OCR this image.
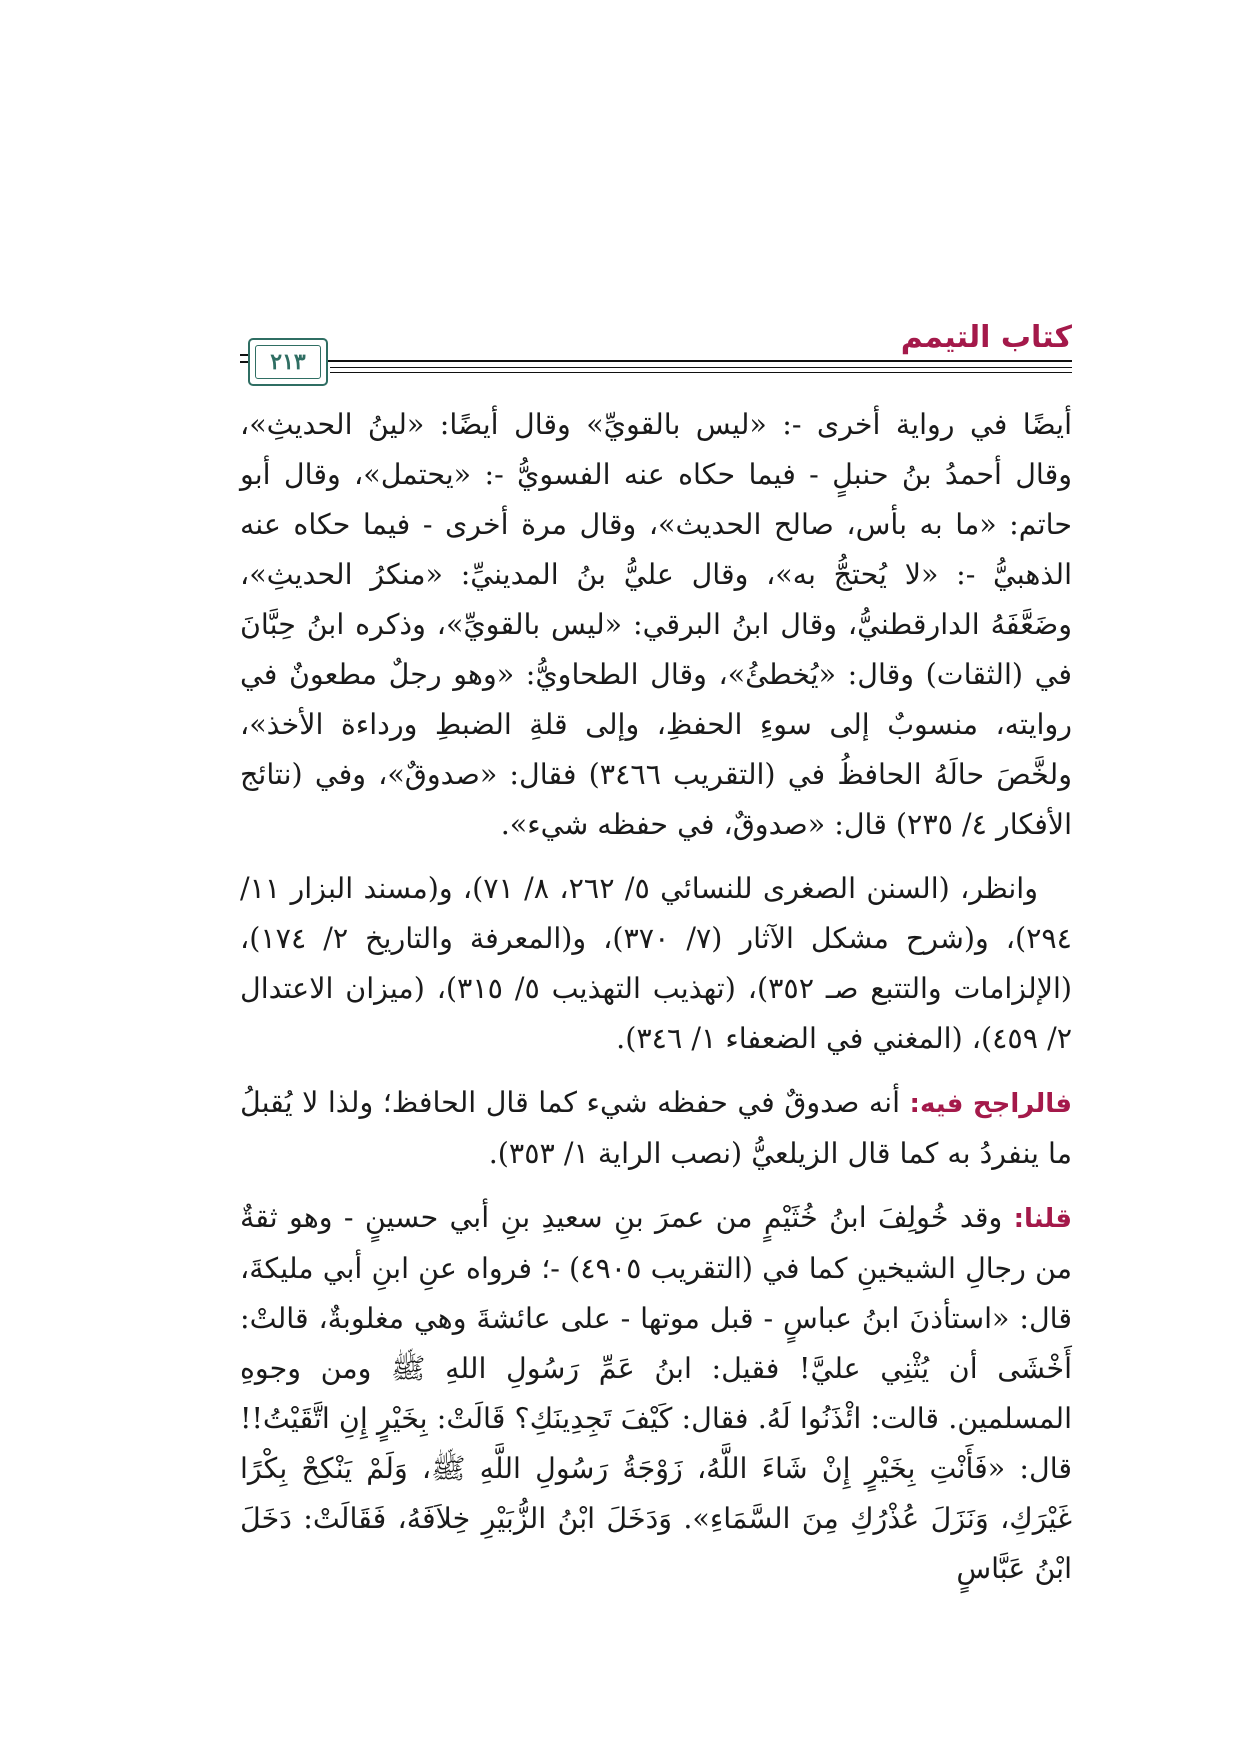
كتاب التيمم
٢١٣

أيضًا في رواية أخرى -: «ليس بالقويِّ» وقال أيضًا: «لينُ الحديثِ»، وقال أحمدُ بنُ حنبلٍ - فيما حكاه عنه الفسويُّ -: «يحتمل»، وقال أبو حاتم: «ما به بأس، صالح الحديث»، وقال مرة أخرى - فيما حكاه عنه الذهبيُّ -: «لا يُحتجُّ به»، وقال عليُّ بنُ المدينيِّ: «منكرُ الحديثِ»، وضَعَّفَهُ الدارقطنيُّ، وقال ابنُ البرقي: «ليس بالقويِّ»، وذكره ابنُ حِبَّانَ في (الثقات) وقال: «يُخطئُ»، وقال الطحاويُّ: «وهو رجلٌ مطعونٌ في روايته، منسوبٌ إلى سوءِ الحفظِ، وإلى قلةِ الضبطِ ورداءة الأخذ»، ولخَّصَ حالَهُ الحافظُ في (التقريب ٣٤٦٦) فقال: «صدوقٌ»، وفي (نتائج الأفكار ٤/ ٢٣٥) قال: «صدوقٌ، في حفظه شيء».

وانظر، (السنن الصغرى للنسائي ٥/ ٢٦٢، ٨/ ٧١)، و(مسند البزار ١١/ ٢٩٤)، و(شرح مشكل الآثار (٧/ ٣٧٠)، و(المعرفة والتاريخ ٢/ ١٧٤)، (الإلزامات والتتبع صـ ٣٥٢)، (تهذيب التهذيب ٥/ ٣١٥)، (ميزان الاعتدال ٢/ ٤٥٩)، (المغني في الضعفاء ١/ ٣٤٦).

فالراجح فيه: أنه صدوقٌ في حفظه شيء كما قال الحافظ؛ ولذا لا يُقبلُ ما ينفردُ به كما قال الزيلعيُّ (نصب الراية ١/ ٣٥٣).

قلنا: وقد خُولِفَ ابنُ خُثَيْمٍ من عمرَ بنِ سعيدِ بنِ أبي حسينٍ - وهو ثقةٌ من رجالِ الشيخينِ كما في (التقريب ٤٩٠٥) -؛ فرواه عنِ ابنِ أبي مليكةَ، قال: «استأذنَ ابنُ عباسٍ - قبل موتها - على عائشةَ وهي مغلوبةٌ، قالتْ: أَخْشَى أن يُثْنِي عليَّ! فقيل: ابنُ عَمِّ رَسُولِ اللهِ ﷺ ومن وجوهِ المسلمين. قالت: ائْذَنُوا لَهُ. فقال: كَيْفَ تَجِدِينَكِ؟ قَالَتْ: بِخَيْرٍ إِنِ اتَّقَيْتُ!! قال: «فَأَنْتِ بِخَيْرٍ إِنْ شَاءَ اللَّهُ، زَوْجَةُ رَسُولِ اللَّهِ ﷺ، وَلَمْ يَنْكِحْ بِكْرًا غَيْرَكِ، وَنَزَلَ عُذْرُكِ مِنَ السَّمَاءِ». وَدَخَلَ ابْنُ الزُّبَيْرِ خِلاَفَهُ، فَقَالَتْ: دَخَلَ ابْنُ عَبَّاسٍ
